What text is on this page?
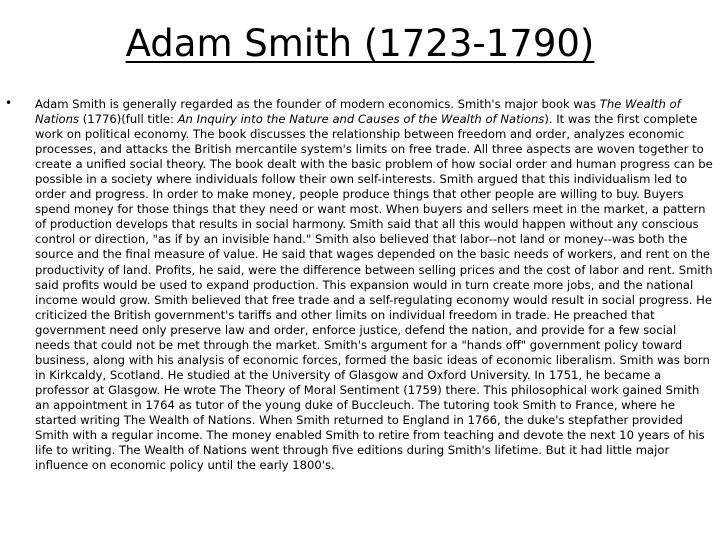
Adam Smith (1723-1790)
• Adam Smith is generally regarded as the founder of modern economics. Smith's major book was The Wealth of Nations (1776)(full title: An Inquiry into the Nature and Causes of the Wealth of Nations). It was the first complete work on political economy. The book discusses the relationship between freedom and order, analyzes economic processes, and attacks the British mercantile system's limits on free trade. All three aspects are woven together to create a unified social theory. The book dealt with the basic problem of how social order and human progress can be possible in a society where individuals follow their own self-interests. Smith argued that this individualism led to order and progress. In order to make money, people produce things that other people are willing to buy. Buyers spend money for those things that they need or want most. When buyers and sellers meet in the market, a pattern of production develops that results in social harmony. Smith said that all this would happen without any conscious control or direction, "as if by an invisible hand." Smith also believed that labor--not land or money--was both the source and the final measure of value. He said that wages depended on the basic needs of workers, and rent on the productivity of land. Profits, he said, were the difference between selling prices and the cost of labor and rent. Smith said profits would be used to expand production. This expansion would in turn create more jobs, and the national income would grow. Smith believed that free trade and a self-regulating economy would result in social progress. He criticized the British government's tariffs and other limits on individual freedom in trade. He preached that government need only preserve law and order, enforce justice, defend the nation, and provide for a few social needs that could not be met through the market. Smith's argument for a "hands off" government policy toward business, along with his analysis of economic forces, formed the basic ideas of economic liberalism. Smith was born in Kirkcaldy, Scotland. He studied at the University of Glasgow and Oxford University. In 1751, he became a professor at Glasgow. He wrote The Theory of Moral Sentiment (1759) there. This philosophical work gained Smith an appointment in 1764 as tutor of the young duke of Buccleuch. The tutoring took Smith to France, where he started writing The Wealth of Nations. When Smith returned to England in 1766, the duke's stepfather provided Smith with a regular income. The money enabled Smith to retire from teaching and devote the next 10 years of his life to writing. The Wealth of Nations went through five editions during Smith's lifetime. But it had little major influence on economic policy until the early 1800's.
